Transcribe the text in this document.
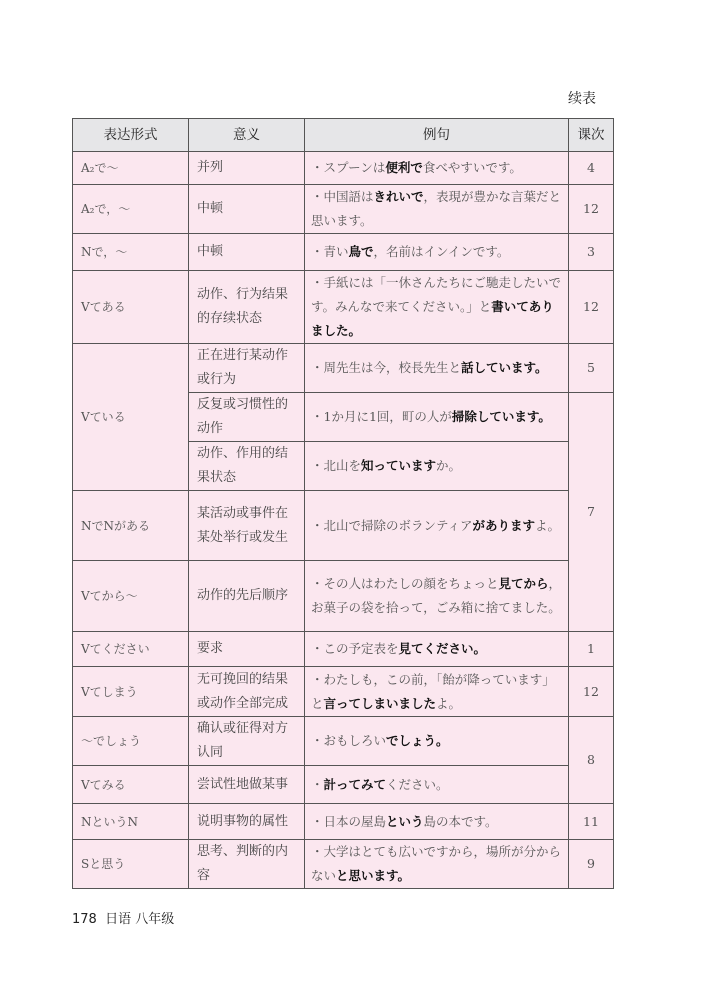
续表
表达形式	意义	例句	课次
A₂で〜	并列	・スプーンは便利で食べやすいです。	4
A₂で，〜	中顿	・中国語はきれいで，表現が豊かな言葉だと思います。	12
Nで，〜	中顿	・青い鳥で，名前はインインです。	3
Vてある	动作、行为结果的存续状态	・手紙には「一休さんたちにご馳走したいです。みんなで来てください。」と書いてありました。	12
Vている	正在进行某动作或行为	・周先生は今，校長先生と話しています。	5
	反复或习惯性的动作	・1か月に1回，町の人が掃除しています。	7
	动作、作用的结果状态	・北山を知っていますか。	
NでNがある	某活动或事件在某处举行或发生	・北山で掃除のボランティアがありますよ。	
Vてから〜	动作的先后顺序	・その人はわたしの顔をちょっと見てから，お菓子の袋を拾って，ごみ箱に捨てました。	
Vてください	要求	・この予定表を見てください。	1
Vてしまう	无可挽回的结果或动作全部完成	・わたしも，この前，「飴が降っています」と言ってしまいましたよ。	12
〜でしょう	确认或征得对方认同	・おもしろいでしょう。	8
Vてみる	尝试性地做某事	・計ってみてください。	
NというN	说明事物的属性	・日本の屋島という島の本です。	11
Sと思う	思考、判断的内容	・大学はとても広いですから，場所が分からないと思います。	9
178 日语 八年级
